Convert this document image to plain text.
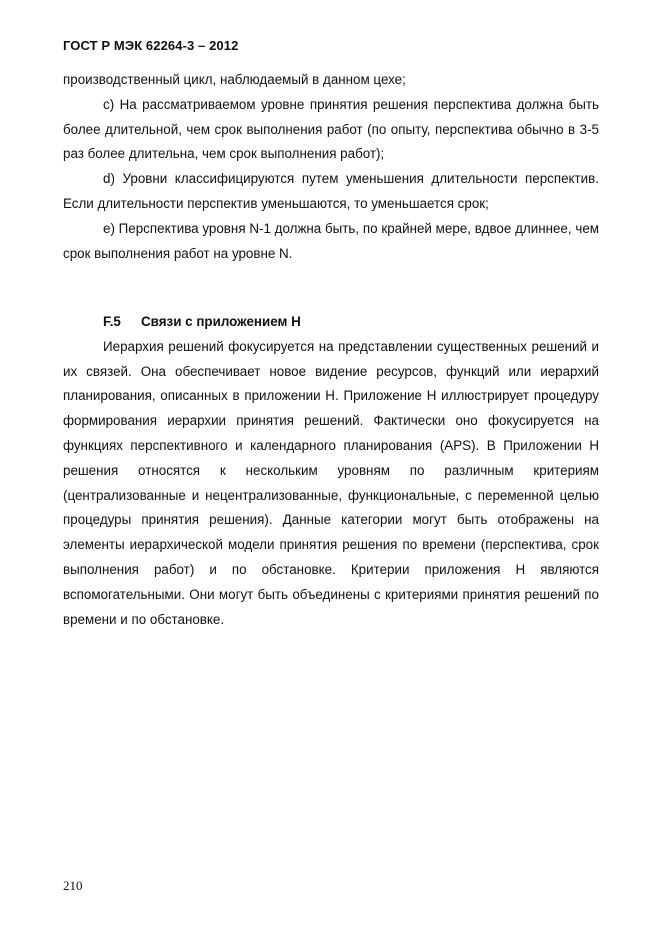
ГОСТ Р МЭК 62264-3 – 2012

производственный цикл, наблюдаемый в данном цехе;

c) На рассматриваемом уровне принятия решения перспектива должна быть более длительной, чем срок выполнения работ (по опыту, перспектива обычно в 3-5 раз более длительна, чем срок выполнения работ);

d) Уровни классифицируются путем уменьшения длительности перспектив. Если длительности перспектив уменьшаются, то уменьшается срок;

e) Перспектива уровня N-1 должна быть, по крайней мере, вдвое длиннее, чем срок выполнения работ на уровне N.

F.5 Связи с приложением H

Иерархия решений фокусируется на представлении существенных решений и их связей. Она обеспечивает новое видение ресурсов, функций или иерархий планирования, описанных в приложении H. Приложение H иллюстрирует процедуру формирования иерархии принятия решений. Фактически оно фокусируется на функциях перспективного и календарного планирования (APS). В Приложении H решения относятся к нескольким уровням по различным критериям (централизованные и нецентрализованные, функциональные, с переменной целью процедуры принятия решения). Данные категории могут быть отображены на элементы иерархической модели принятия решения по времени (перспектива, срок выполнения работ) и по обстановке. Критерии приложения H являются вспомогательными. Они могут быть объединены с критериями принятия решений по времени и по обстановке.

210
